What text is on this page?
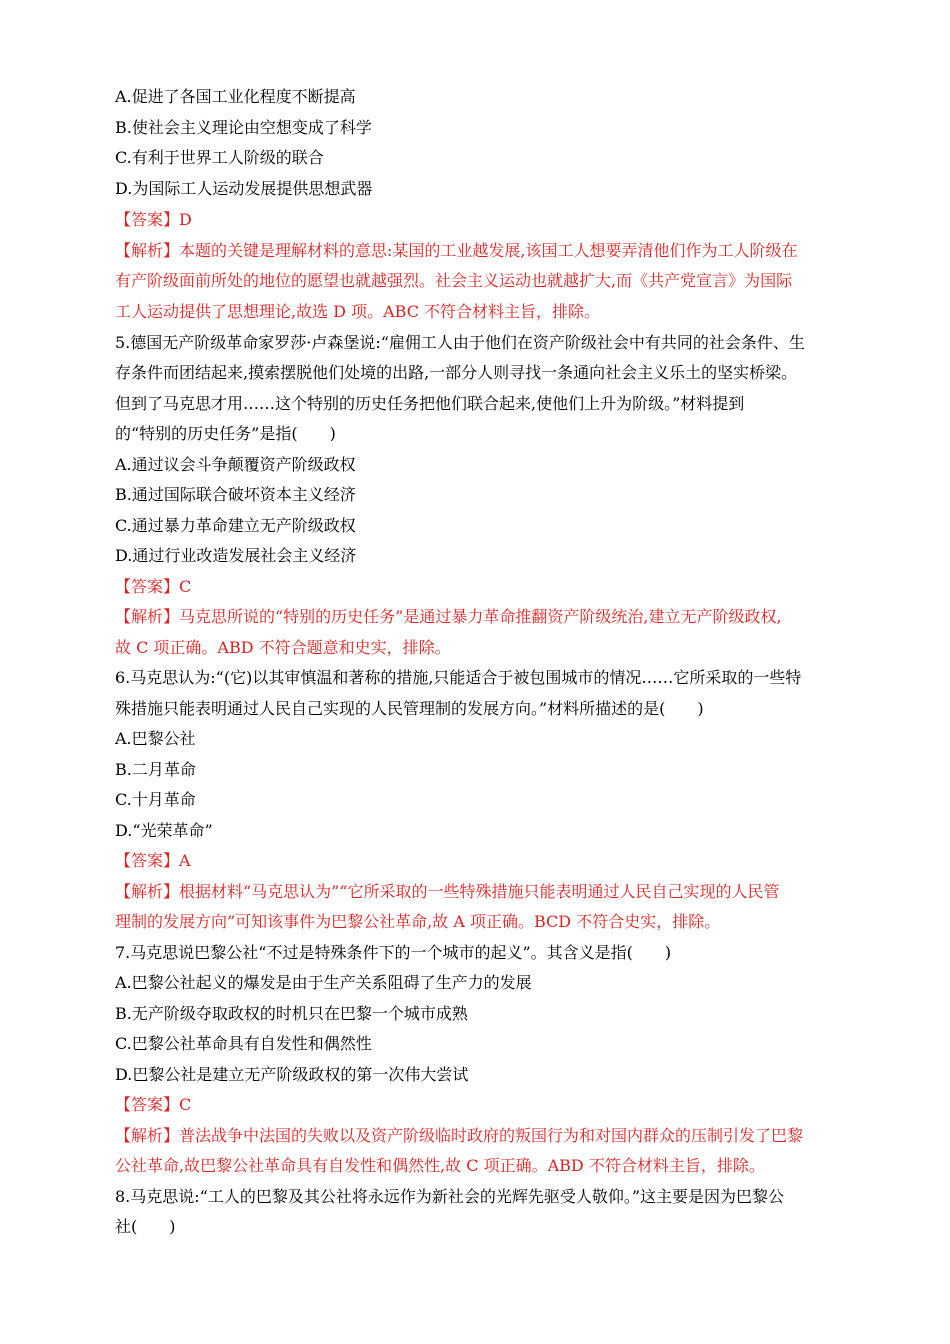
A.促进了各国工业化程度不断提高
B.使社会主义理论由空想变成了科学
C.有利于世界工人阶级的联合
D.为国际工人运动发展提供思想武器
【答案】D
【解析】本题的关键是理解材料的意思:某国的工业越发展,该国工人想要弄清他们作为工人阶级在
有产阶级面前所处的地位的愿望也就越强烈。社会主义运动也就越扩大,而《共产党宣言》为国际
工人运动提供了思想理论,故选 D 项。ABC 不符合材料主旨，排除。
5.德国无产阶级革命家罗莎·卢森堡说:“雇佣工人由于他们在资产阶级社会中有共同的社会条件、生
存条件而团结起来,摸索摆脱他们处境的出路,一部分人则寻找一条通向社会主义乐土的坚实桥梁。
但到了马克思才用……这个特别的历史任务把他们联合起来,使他们上升为阶级。”材料提到
的“特别的历史任务”是指(　　)
A.通过议会斗争颠覆资产阶级政权
B.通过国际联合破坏资本主义经济
C.通过暴力革命建立无产阶级政权
D.通过行业改造发展社会主义经济
【答案】C
【解析】马克思所说的“特别的历史任务”是通过暴力革命推翻资产阶级统治,建立无产阶级政权,
故 C 项正确。ABD 不符合题意和史实，排除。
6.马克思认为:“(它)以其审慎温和著称的措施,只能适合于被包围城市的情况……它所采取的一些特
殊措施只能表明通过人民自己实现的人民管理制的发展方向。”材料所描述的是(　　)
A.巴黎公社
B.二月革命
C.十月革命
D.“光荣革命”
【答案】A
【解析】根据材料“马克思认为”“它所采取的一些特殊措施只能表明通过人民自己实现的人民管
理制的发展方向”可知该事件为巴黎公社革命,故 A 项正确。BCD 不符合史实，排除。
7.马克思说巴黎公社“不过是特殊条件下的一个城市的起义”。其含义是指(　　)
A.巴黎公社起义的爆发是由于生产关系阻碍了生产力的发展
B.无产阶级夺取政权的时机只在巴黎一个城市成熟
C.巴黎公社革命具有自发性和偶然性
D.巴黎公社是建立无产阶级政权的第一次伟大尝试
【答案】C
【解析】普法战争中法国的失败以及资产阶级临时政府的叛国行为和对国内群众的压制引发了巴黎
公社革命,故巴黎公社革命具有自发性和偶然性,故 C 项正确。ABD 不符合材料主旨，排除。
8.马克思说:“工人的巴黎及其公社将永远作为新社会的光辉先驱受人敬仰。”这主要是因为巴黎公
社(　　)
